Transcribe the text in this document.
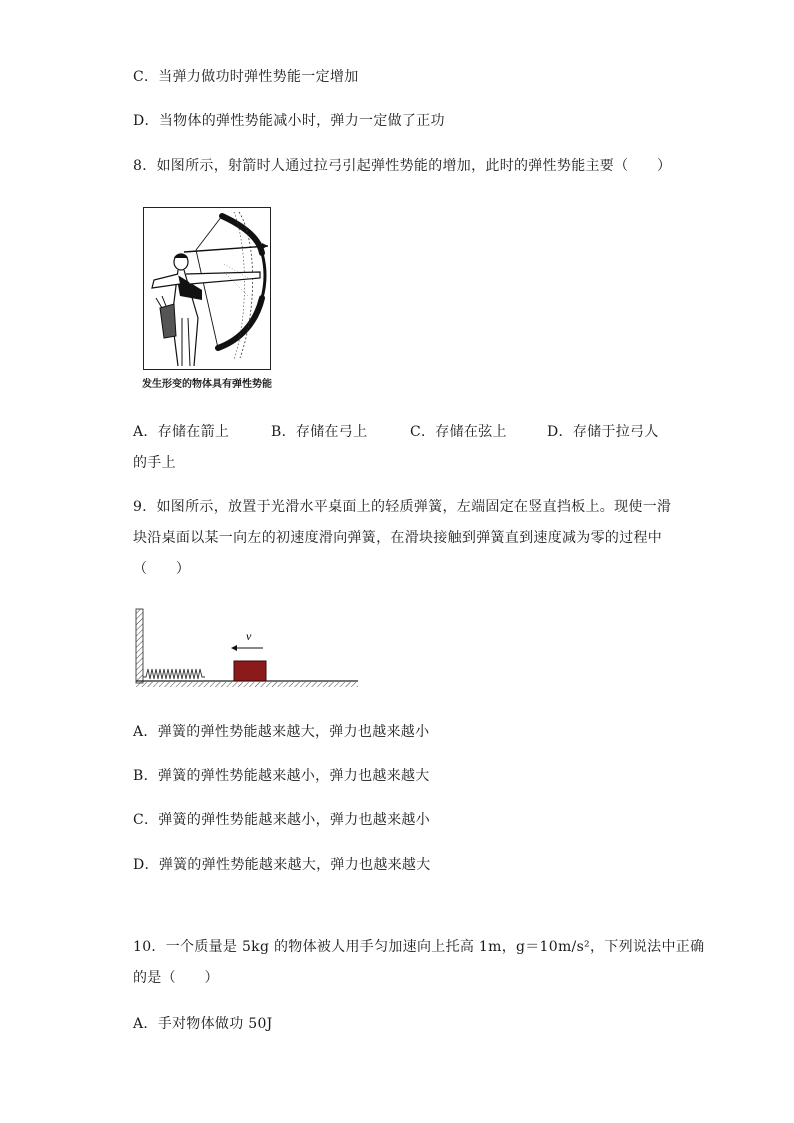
C．当弹力做功时弹性势能一定增加
D．当物体的弹性势能减小时，弹力一定做了正功
8．如图所示，射箭时人通过拉弓引起弹性势能的增加，此时的弹性势能主要（　　）
发生形变的物体具有弹性势能
A．存储在箭上	B．存储在弓上	C．存储在弦上	D．存储于拉弓人
的手上
9．如图所示，放置于光滑水平桌面上的轻质弹簧，左端固定在竖直挡板上。现使一滑
块沿桌面以某一向左的初速度滑向弹簧，在滑块接触到弹簧直到速度减为零的过程中
（　　）
v
A．弹簧的弹性势能越来越大，弹力也越来越小
B．弹簧的弹性势能越来越小，弹力也越来越大
C．弹簧的弹性势能越来越小，弹力也越来越小
D．弹簧的弹性势能越来越大，弹力也越来越大
10．一个质量是 5kg 的物体被人用手匀加速向上托高 1m，g＝10m/s²，下列说法中正确
的是（　　）
A．手对物体做功 50J
